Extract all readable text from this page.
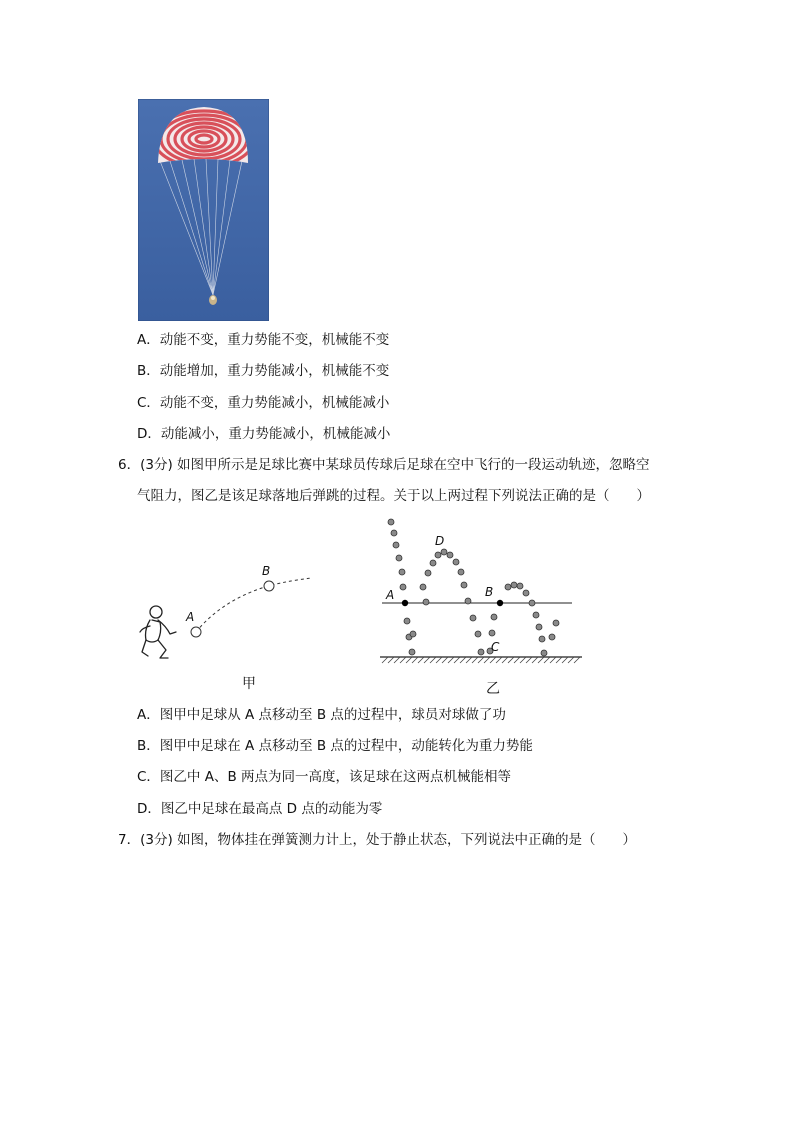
A．动能不变，重力势能不变，机械能不变
B．动能增加，重力势能减小，机械能不变
C．动能不变，重力势能减小，机械能减小
D．动能减小，重力势能减小，机械能减小
6．(3分) 如图甲所示是足球比赛中某球员传球后足球在空中飞行的一段运动轨迹，忽略空
气阻力，图乙是该足球落地后弹跳的过程。关于以上两过程下列说法正确的是（　　）
A
B
甲
A	B
C
D
乙
A．图甲中足球从 A 点移动至 B 点的过程中，球员对球做了功
B．图甲中足球在 A 点移动至 B 点的过程中，动能转化为重力势能
C．图乙中 A、B 两点为同一高度，该足球在这两点机械能相等
D．图乙中足球在最高点 D 点的动能为零
7．(3分) 如图，物体挂在弹簧测力计上，处于静止状态，下列说法中正确的是（　　）
